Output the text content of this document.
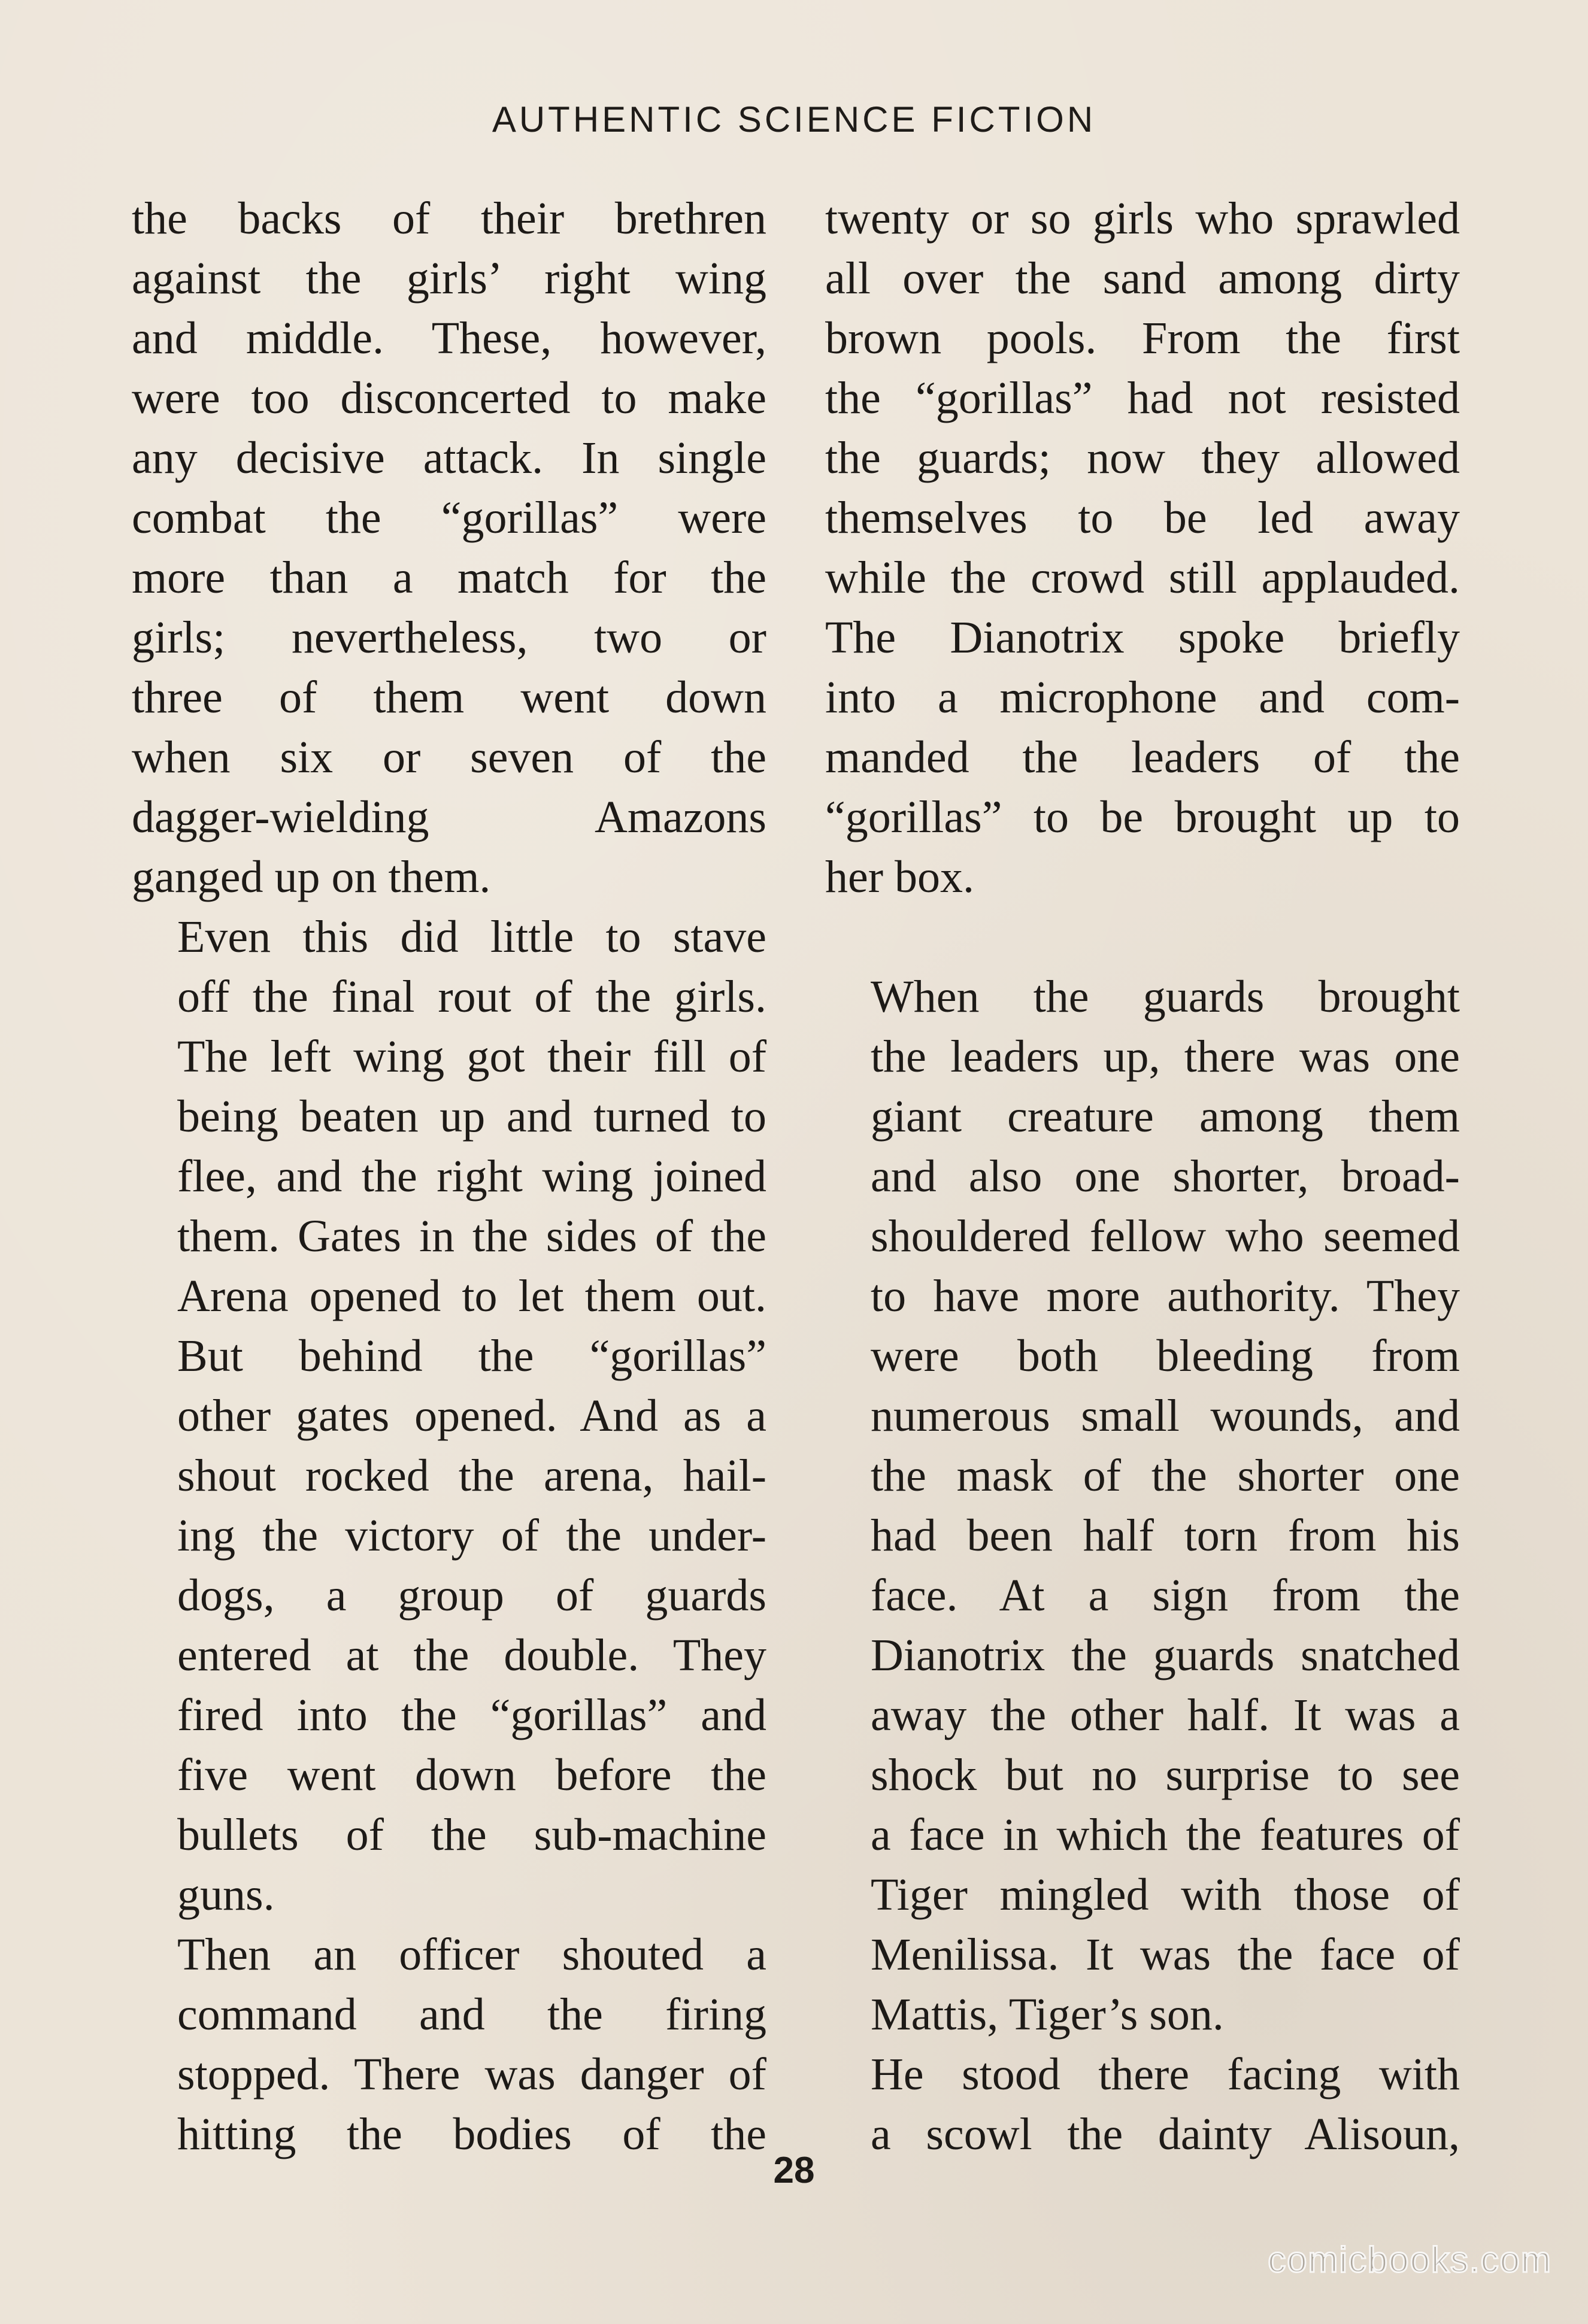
AUTHENTIC SCIENCE FICTION

the backs of their brethren
against the girls’ right wing
and middle. These, however,
were too disconcerted to make
any decisive attack. In single
combat the “gorillas” were
more than a match for the
girls; nevertheless, two or
three of them went down
when six or seven of the
dagger-wielding Amazons
ganged up on them.

Even this did little to stave
off the final rout of the girls.
The left wing got their fill of
being beaten up and turned to
flee, and the right wing joined
them. Gates in the sides of the
Arena opened to let them out.
But behind the “gorillas”
other gates opened. And as a
shout rocked the arena, hail-
ing the victory of the under-
dogs, a group of guards
entered at the double. They
fired into the “gorillas” and
five went down before the
bullets of the sub-machine
guns.

Then an officer shouted a
command and the firing
stopped. There was danger of
hitting the bodies of the

twenty or so girls who sprawled
all over the sand among dirty
brown pools. From the first
the “gorillas” had not resisted
the guards; now they allowed
themselves to be led away
while the crowd still applauded.
The Dianotrix spoke briefly
into a microphone and com-
manded the leaders of the
“gorillas” to be brought up to
her box.

When the guards brought
the leaders up, there was one
giant creature among them
and also one shorter, broad-
shouldered fellow who seemed
to have more authority. They
were both bleeding from
numerous small wounds, and
the mask of the shorter one
had been half torn from his
face. At a sign from the
Dianotrix the guards snatched
away the other half. It was a
shock but no surprise to see
a face in which the features of
Tiger mingled with those of
Menilissa. It was the face of
Mattis, Tiger’s son.

He stood there facing with
a scowl the dainty Alisoun,

28
comicbooks.com
